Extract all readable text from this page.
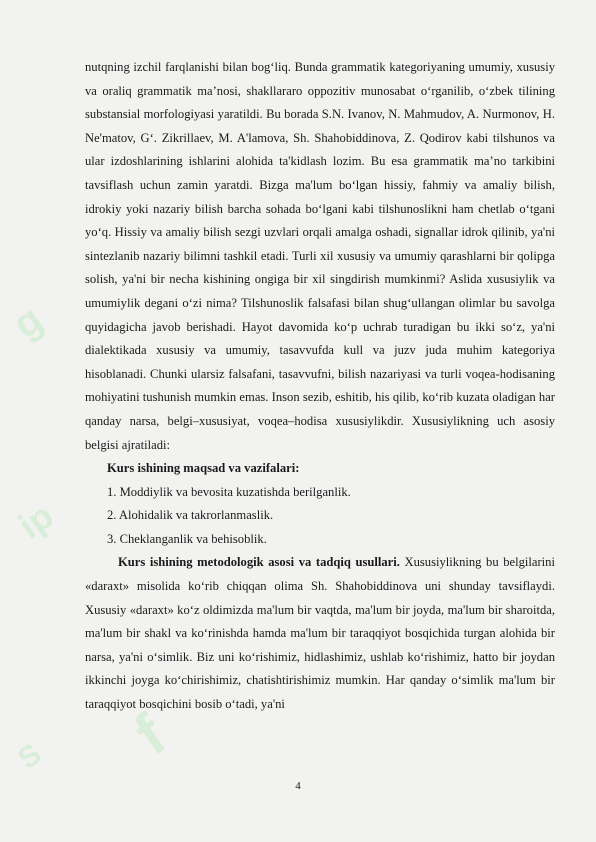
g
ip
f
S

nutqning izchil farqlanishi bilan bogʻliq. Bunda grammatik kategoriyaning umumiy, xususiy va oraliq grammatik maʼnosi, shakllararo oppozitiv munosabat oʻrganilib, oʻzbek tilining substansial morfologiyasi yaratildi. Bu borada S.N. Ivanov, N. Mahmudov, A. Nurmonov, H. Ne'matov, Gʻ. Zikrillaev, M. A'lamova, Sh. Shahobiddinova, Z. Qodirov kabi tilshunos va ular izdoshlarining ishlarini alohida ta'kidlash lozim. Bu esa grammatik maʼno tarkibini tavsiflash uchun zamin yaratdi. Bizga ma'lum boʻlgan hissiy, fahmiy va amaliy bilish, idrokiy yoki nazariy bilish barcha sohada boʻlgani kabi tilshunoslikni ham chetlab oʻtgani yoʻq. Hissiy va amaliy bilish sezgi uzvlari orqali amalga oshadi, signallar idrok qilinib, ya'ni sintezlanib nazariy bilimni tashkil etadi. Turli xil xususiy va umumiy qarashlarni bir qolipga solish, ya'ni bir necha kishining ongiga bir xil singdirish mumkinmi? Aslida xususiylik va umumiylik degani oʻzi nima? Tilshunoslik falsafasi bilan shugʻullangan olimlar bu savolga quyidagicha javob berishadi. Hayot davomida koʻp uchrab turadigan bu ikki soʻz, ya'ni dialektikada xususiy va umumiy, tasavvufda kull va juzv juda muhim kategoriya hisoblanadi. Chunki ularsiz falsafani, tasavvufni, bilish nazariyasi va turli voqea-hodisaning mohiyatini tushunish mumkin emas. Inson sezib, eshitib, his qilib, koʻrib kuzata oladigan har qanday narsa, belgi–xususiyat, voqea–hodisa xususiylikdir. Xususiylikning uch asosiy belgisi ajratiladi:

Kurs ishining maqsad va vazifalari:

1. Moddiylik va bevosita kuzatishda berilganlik.

2. Alohidalik va takrorlanmaslik.

3. Cheklanganlik va behisoblik.

Kurs ishining metodologik asosi va tadqiq usullari. Xususiylikning bu belgilarini «daraxt» misolida koʻrib chiqqan olima Sh. Shahobiddinova uni shunday tavsiflaydi. Xususiy «daraxt» koʻz oldimizda ma'lum bir vaqtda, ma'lum bir joyda, ma'lum bir sharoitda, ma'lum bir shakl va koʻrinishda hamda ma'lum bir taraqqiyot bosqichida turgan alohida bir narsa, ya'ni oʻsimlik. Biz uni koʻrishimiz, hidlashimiz, ushlab koʻrishimiz, hatto bir joydan ikkinchi joyga koʻchirishimiz, chatishtirishimiz mumkin. Har qanday oʻsimlik ma'lum bir taraqqiyot bosqichini bosib oʻtadi, ya'ni

4
